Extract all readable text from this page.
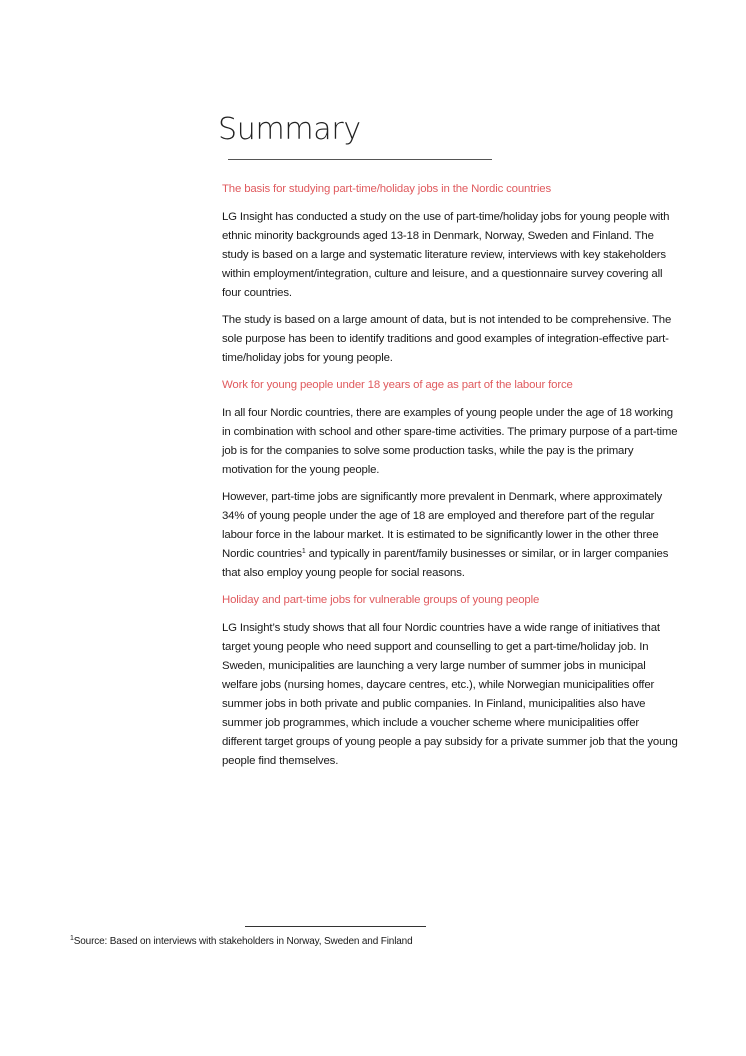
Summary
The basis for studying part-time/holiday jobs in the Nordic countries

LG Insight has conducted a study on the use of part-time/holiday jobs for young people with ethnic minority backgrounds aged 13-18 in Denmark, Norway, Sweden and Finland. The study is based on a large and systematic literature review, interviews with key stakeholders within employment/integration, culture and leisure, and a questionnaire survey covering all four countries.

The study is based on a large amount of data, but is not intended to be comprehensive. The sole purpose has been to identify traditions and good examples of integration-effective part-time/holiday jobs for young people.

Work for young people under 18 years of age as part of the labour force

In all four Nordic countries, there are examples of young people under the age of 18 working in combination with school and other spare-time activities. The primary purpose of a part-time job is for the companies to solve some production tasks, while the pay is the primary motivation for the young people.

However, part-time jobs are significantly more prevalent in Denmark, where approximately 34% of young people under the age of 18 are employed and therefore part of the regular labour force in the labour market. It is estimated to be significantly lower in the other three Nordic countries$^1$ and typically in parent/family businesses or similar, or in larger companies that also employ young people for social reasons.

Holiday and part-time jobs for vulnerable groups of young people

LG Insight’s study shows that all four Nordic countries have a wide range of initiatives that target young people who need support and counselling to get a part-time/holiday job. In Sweden, municipalities are launching a very large number of summer jobs in municipal welfare jobs (nursing homes, daycare centres, etc.), while Norwegian municipalities offer summer jobs in both private and public companies. In Finland, municipalities also have summer job programmes, which include a voucher scheme where municipalities offer different target groups of young people a pay subsidy for a private summer job that the young people find themselves.

$^1$Source: Based on interviews with stakeholders in Norway, Sweden and Finland
